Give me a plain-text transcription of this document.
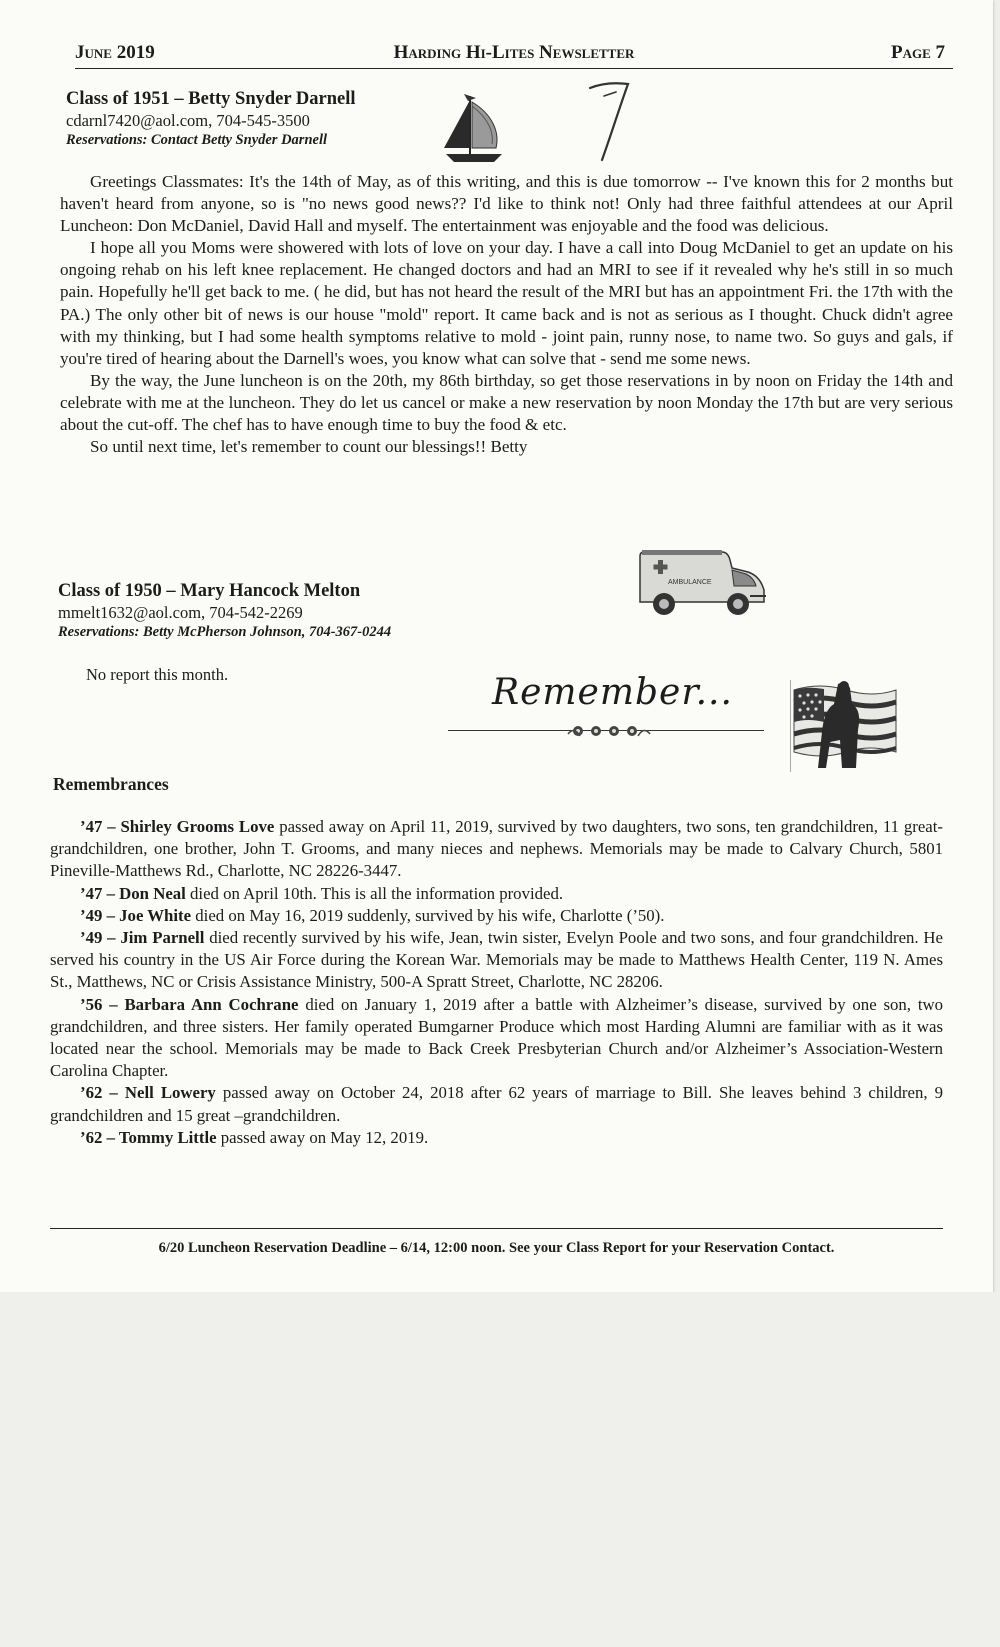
June 2019	Harding Hi-Lites Newsletter	Page 7
Class of 1951 – Betty Snyder Darnell
cdarnl7420@aol.com, 704-545-3500
Reservations: Contact Betty Snyder Darnell

Greetings Classmates: It's the 14th of May, as of this writing, and this is due tomorrow -- I've known this for 2 months but haven't heard from anyone, so is "no news good news?? I'd like to think not! Only had three faithful attendees at our April Luncheon: Don McDaniel, David Hall and myself. The entertainment was enjoyable and the food was delicious.

I hope all you Moms were showered with lots of love on your day. I have a call into Doug McDaniel to get an update on his ongoing rehab on his left knee replacement. He changed doctors and had an MRI to see if it revealed why he's still in so much pain. Hopefully he'll get back to me. ( he did, but has not heard the result of the MRI but has an appointment Fri. the 17th with the PA.) The only other bit of news is our house "mold" report. It came back and is not as serious as I thought. Chuck didn't agree with my thinking, but I had some health symptoms relative to mold - joint pain, runny nose, to name two. So guys and gals, if you're tired of hearing about the Darnell's woes, you know what can solve that - send me some news.

By the way, the June luncheon is on the 20th, my 86th birthday, so get those reservations in by noon on Friday the 14th and celebrate with me at the luncheon. They do let us cancel or make a new reservation by noon Monday the 17th but are very serious about the cut-off. The chef has to have enough time to buy the food & etc.

So until next time, let's remember to count our blessings!! Betty

AMBULANCE
Class of 1950 – Mary Hancock Melton
mmelt1632@aol.com, 704-542-2269
Reservations: Betty McPherson Johnson, 704-367-0244
No report this month.	Remember...
Remembrances

’47 – Shirley Grooms Love passed away on April 11, 2019, survived by two daughters, two sons, ten grandchildren, 11 great-grandchildren, one brother, John T. Grooms, and many nieces and nephews. Memorials may be made to Calvary Church, 5801 Pineville-Matthews Rd., Charlotte, NC 28226-3447.

’47 – Don Neal died on April 10th. This is all the information provided.

’49 – Joe White died on May 16, 2019 suddenly, survived by his wife, Charlotte (’50).

’49 – Jim Parnell died recently survived by his wife, Jean, twin sister, Evelyn Poole and two sons, and four grandchildren. He served his country in the US Air Force during the Korean War. Memorials may be made to Matthews Health Center, 119 N. Ames St., Matthews, NC or Crisis Assistance Ministry, 500-A Spratt Street, Charlotte, NC 28206.

’56 – Barbara Ann Cochrane died on January 1, 2019 after a battle with Alzheimer’s disease, survived by one son, two grandchildren, and three sisters. Her family operated Bumgarner Produce which most Harding Alumni are familiar with as it was located near the school. Memorials may be made to Back Creek Presbyterian Church and/or Alzheimer’s Association-Western Carolina Chapter.

’62 – Nell Lowery passed away on October 24, 2018 after 62 years of marriage to Bill. She leaves behind 3 children, 9 grandchildren and 15 great –grandchildren.

’62 – Tommy Little passed away on May 12, 2019.

6/20 Luncheon Reservation Deadline – 6/14, 12:00 noon. See your Class Report for your Reservation Contact.
